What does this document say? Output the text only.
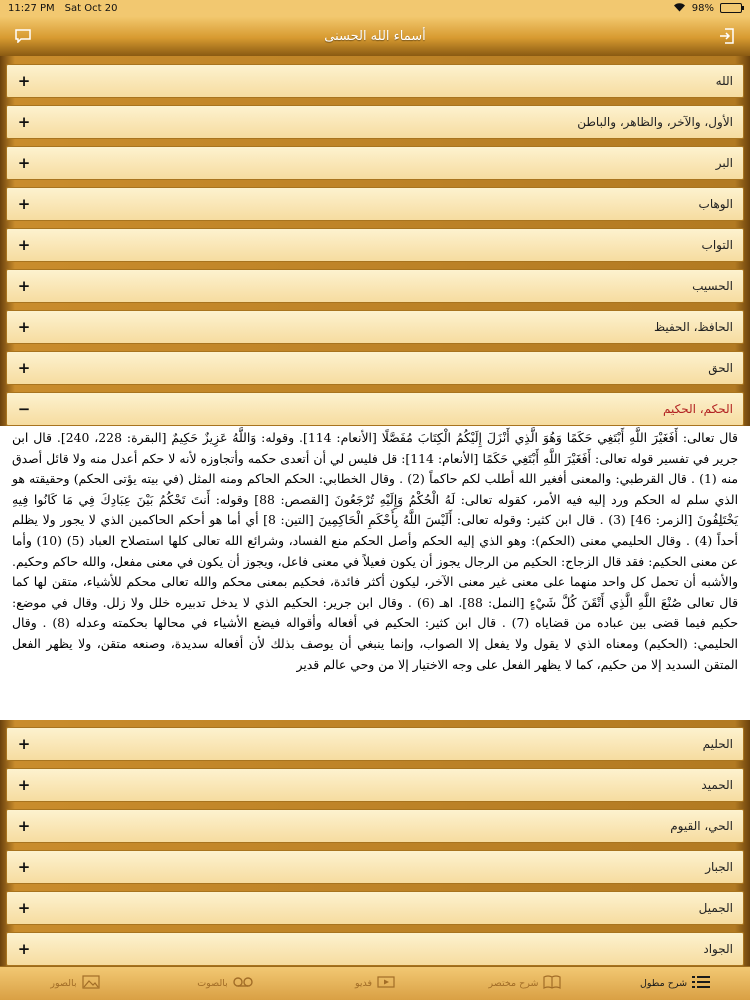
11:27 PM Sat Oct 20	98%
أسماء الله الحسنى
الله
+
الأول، والآخر، والظاهر، والباطن
+
البر
+
الوهاب
+
التواب
+
الحسيب
+
الحافظ، الحفيظ
+
الحق
+
الحكم، الحكيم
−
قال تعالى: أَفَغَيْرَ اللَّهِ أَبْتَغِي حَكَمًا وَهُوَ الَّذِي أَنْزَلَ إِلَيْكُمُ الْكِتَابَ مُفَصَّلًا [الأنعام: 114]. وقوله: وَاللَّهُ عَزِيزٌ حَكِيمٌ [البقرة: 228، 240]. قال ابن جرير في تفسير قوله تعالى: أَفَغَيْرَ اللَّهِ أَبْتَغِي حَكَمًا [الأنعام: 114]: قل فليس لي أن أتعدى حكمه وأتجاوزه لأنه لا حكم أعدل منه ولا قائل أصدق منه (1) . قال القرطبي: والمعنى أفغير الله أطلب لكم حاكماً (2) . وقال الخطابي: الحكم الحاكم ومنه المثل (في بيته يؤتى الحكم) وحقيقته هو الذي سلم له الحكم ورد إليه فيه الأمر، كقوله تعالى: لَهُ الْحُكْمُ وَإِلَيْهِ تُرْجَعُونَ [القصص: 88] وقوله: أَنتَ تَحْكُمُ بَيْنَ عِبَادِكَ فِي مَا كَانُوا فِيهِ يَخْتَلِفُونَ [الزمر: 46] (3) . قال ابن كثير: وقوله تعالى: أَلَيْسَ اللَّهُ بِأَحْكَمِ الْحَاكِمِينَ [التين: 8] أي أما هو أحكم الحاكمين الذي لا يجور ولا يظلم أحداً (4) . وقال الحليمي معنى (الحكم): وهو الذي إليه الحكم وأصل الحكم منع الفساد، وشرائع الله تعالى كلها استصلاح العباد (5) (10) وأما عن معنى الحكيم: فقد قال الزجاج: الحكيم من الرجال يجوز أن يكون فعيلاً في معنى فاعل، ويجوز أن يكون في معنى مفعل، والله حاكم وحكيم. والأشبه أن تحمل كل واحد منهما على معنى غير معنى الآخر، ليكون أكثر فائدة، فحكيم بمعنى محكم والله تعالى محكم للأشياء، متقن لها كما قال تعالى صُنْعَ اللَّهِ الَّذِي أَتْقَنَ كُلَّ شَيْءٍ [النمل: 88]. اهـ (6) . وقال ابن جرير: الحكيم الذي لا يدخل تدبيره خلل ولا زلل. وقال في موضع: حكيم فيما قضى بين عباده من قضاياه (7) . قال ابن كثير: الحكيم في أفعاله وأقواله فيضع الأشياء في محالها بحكمته وعدله (8) . وقال الحليمي: (الحكيم) ومعناه الذي لا يقول ولا يفعل إلا الصواب، وإنما ينبغي أن يوصف بذلك لأن أفعاله سديدة، وصنعه متقن، ولا يظهر الفعل المتقن السديد إلا من حكيم، كما لا يظهر الفعل على وجه الاختيار إلا من وحي عالم قدير
الحليم
+
الحميد
+
الحي، القيوم
+
الجبار
+
الجميل
+
الجواد
+
شرح مطول
شرح مختصر
فديو
بالصوت
بالصور
